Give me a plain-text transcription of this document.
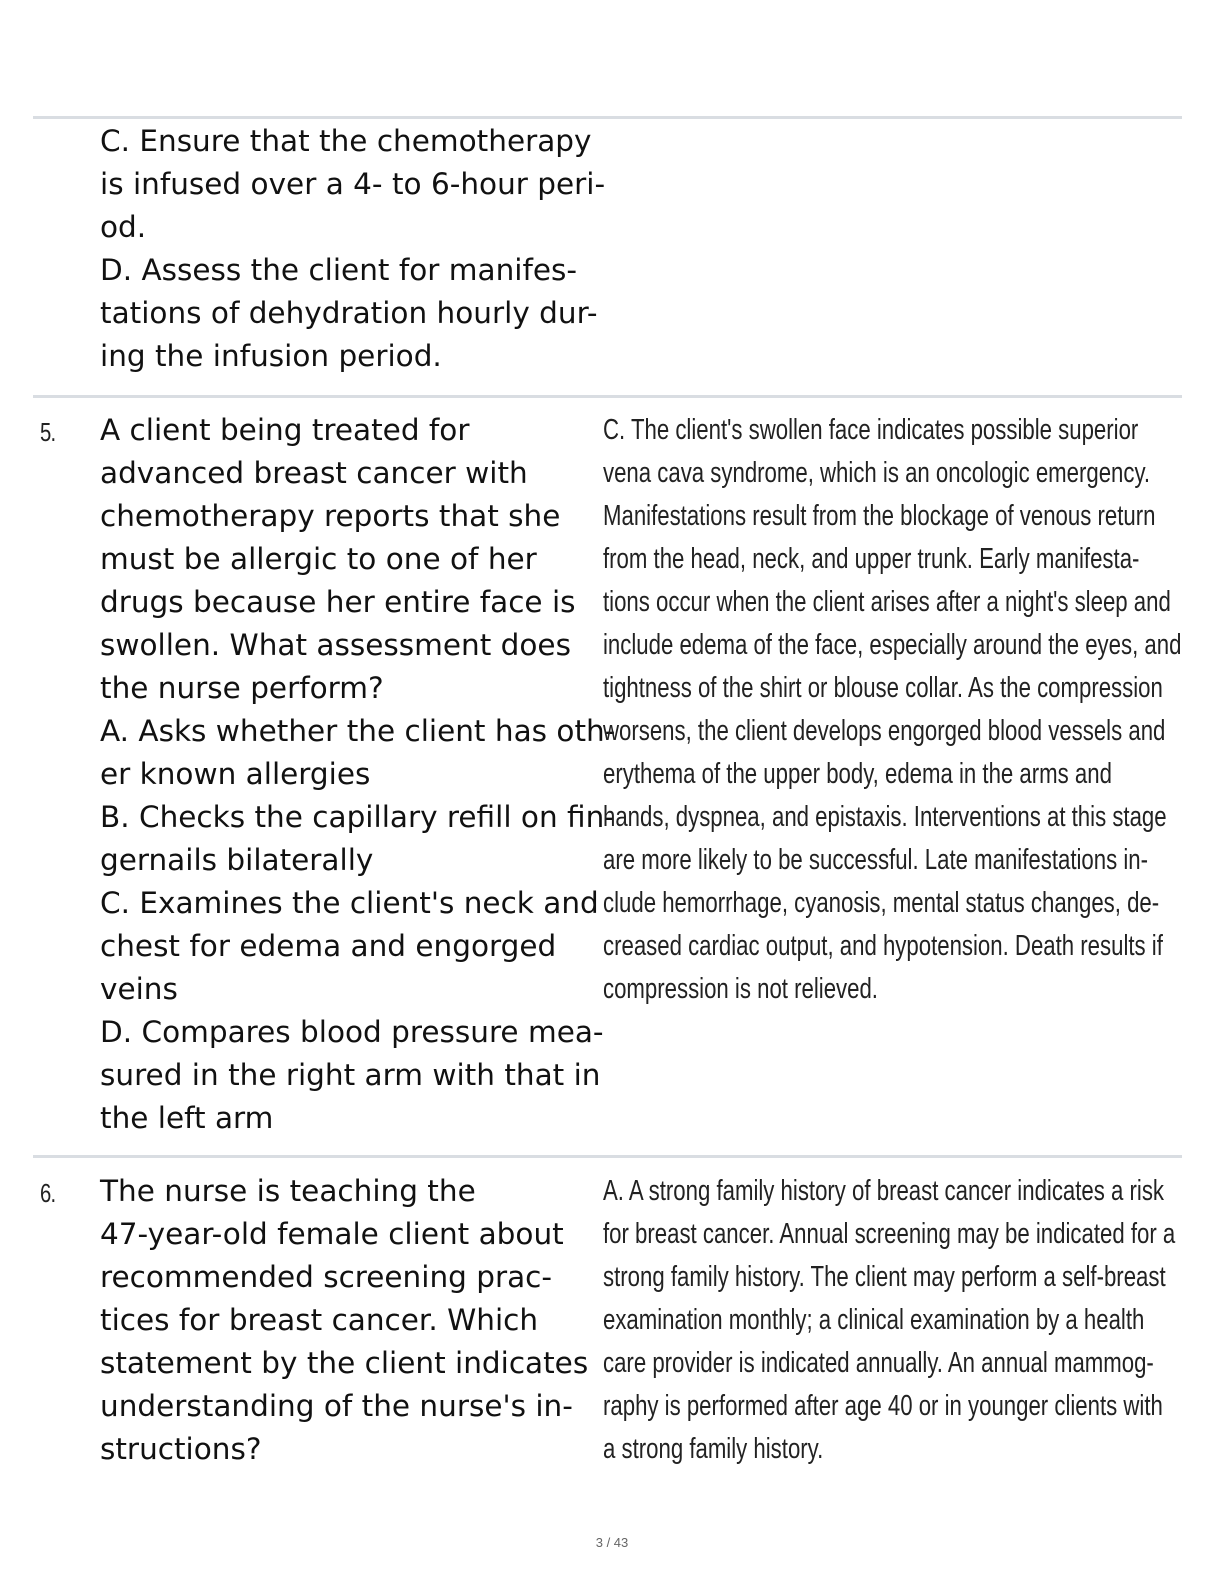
C. Ensure that the chemotherapy
is infused over a 4- to 6-hour peri-
od.
D. Assess the client for manifes-
tations of dehydration hourly dur-
ing the infusion period.
5.	A client being treated for
advanced breast cancer with
chemotherapy reports that she
must be allergic to one of her
drugs because her entire face is
swollen. What assessment does
the nurse perform?
A. Asks whether the client has oth-
er known allergies
B. Checks the capillary refill on fin-
gernails bilaterally
C. Examines the client's neck and
chest for edema and engorged
veins
D. Compares blood pressure mea-
sured in the right arm with that in
the left arm
C. The client's swollen face indicates possible superior
vena cava syndrome, which is an oncologic emergency.
Manifestations result from the blockage of venous return
from the head, neck, and upper trunk. Early manifesta-
tions occur when the client arises after a night's sleep and
include edema of the face, especially around the eyes, and
tightness of the shirt or blouse collar. As the compression
worsens, the client develops engorged blood vessels and
erythema of the upper body, edema in the arms and
hands, dyspnea, and epistaxis. Interventions at this stage
are more likely to be successful. Late manifestations in-
clude hemorrhage, cyanosis, mental status changes, de-
creased cardiac output, and hypotension. Death results if
compression is not relieved.
6.	The nurse is teaching the
47-year-old female client about
recommended screening prac-
tices for breast cancer. Which
statement by the client indicates
understanding of the nurse's in-
structions?
A. A strong family history of breast cancer indicates a risk
for breast cancer. Annual screening may be indicated for a
strong family history. The client may perform a self-breast
examination monthly; a clinical examination by a health
care provider is indicated annually. An annual mammog-
raphy is performed after age 40 or in younger clients with
a strong family history.
3 / 43
